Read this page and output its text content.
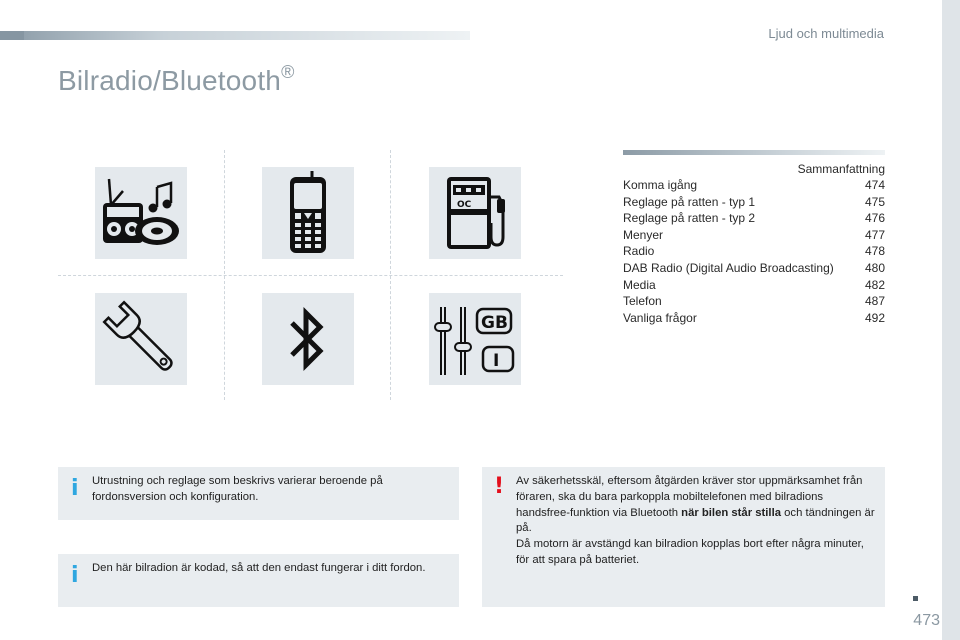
Ljud och multimedia
Bilradio/Bluetooth®
OC
GB
I
Sammanfattning
Komma igång	474
Reglage på ratten - typ 1	475
Reglage på ratten - typ 2	476
Menyer	477
Radio	478
DAB Radio (Digital Audio Broadcasting)	480
Media	482
Telefon	487
Vanliga frågor	492
i Utrustning och reglage som beskrivs varierar beroende på fordonsversion och konfiguration.
i Den här bilradion är kodad, så att den endast fungerar i ditt fordon.
! Av säkerhetsskäl, eftersom åtgärden kräver stor uppmärksamhet från föraren, ska du bara parkoppla mobiltelefonen med bilradions handsfree-funktion via Bluetooth när bilen står stilla och tändningen är på.
Då motorn är avstängd kan bilradion kopplas bort efter några minuter, för att spara på batteriet.
473
